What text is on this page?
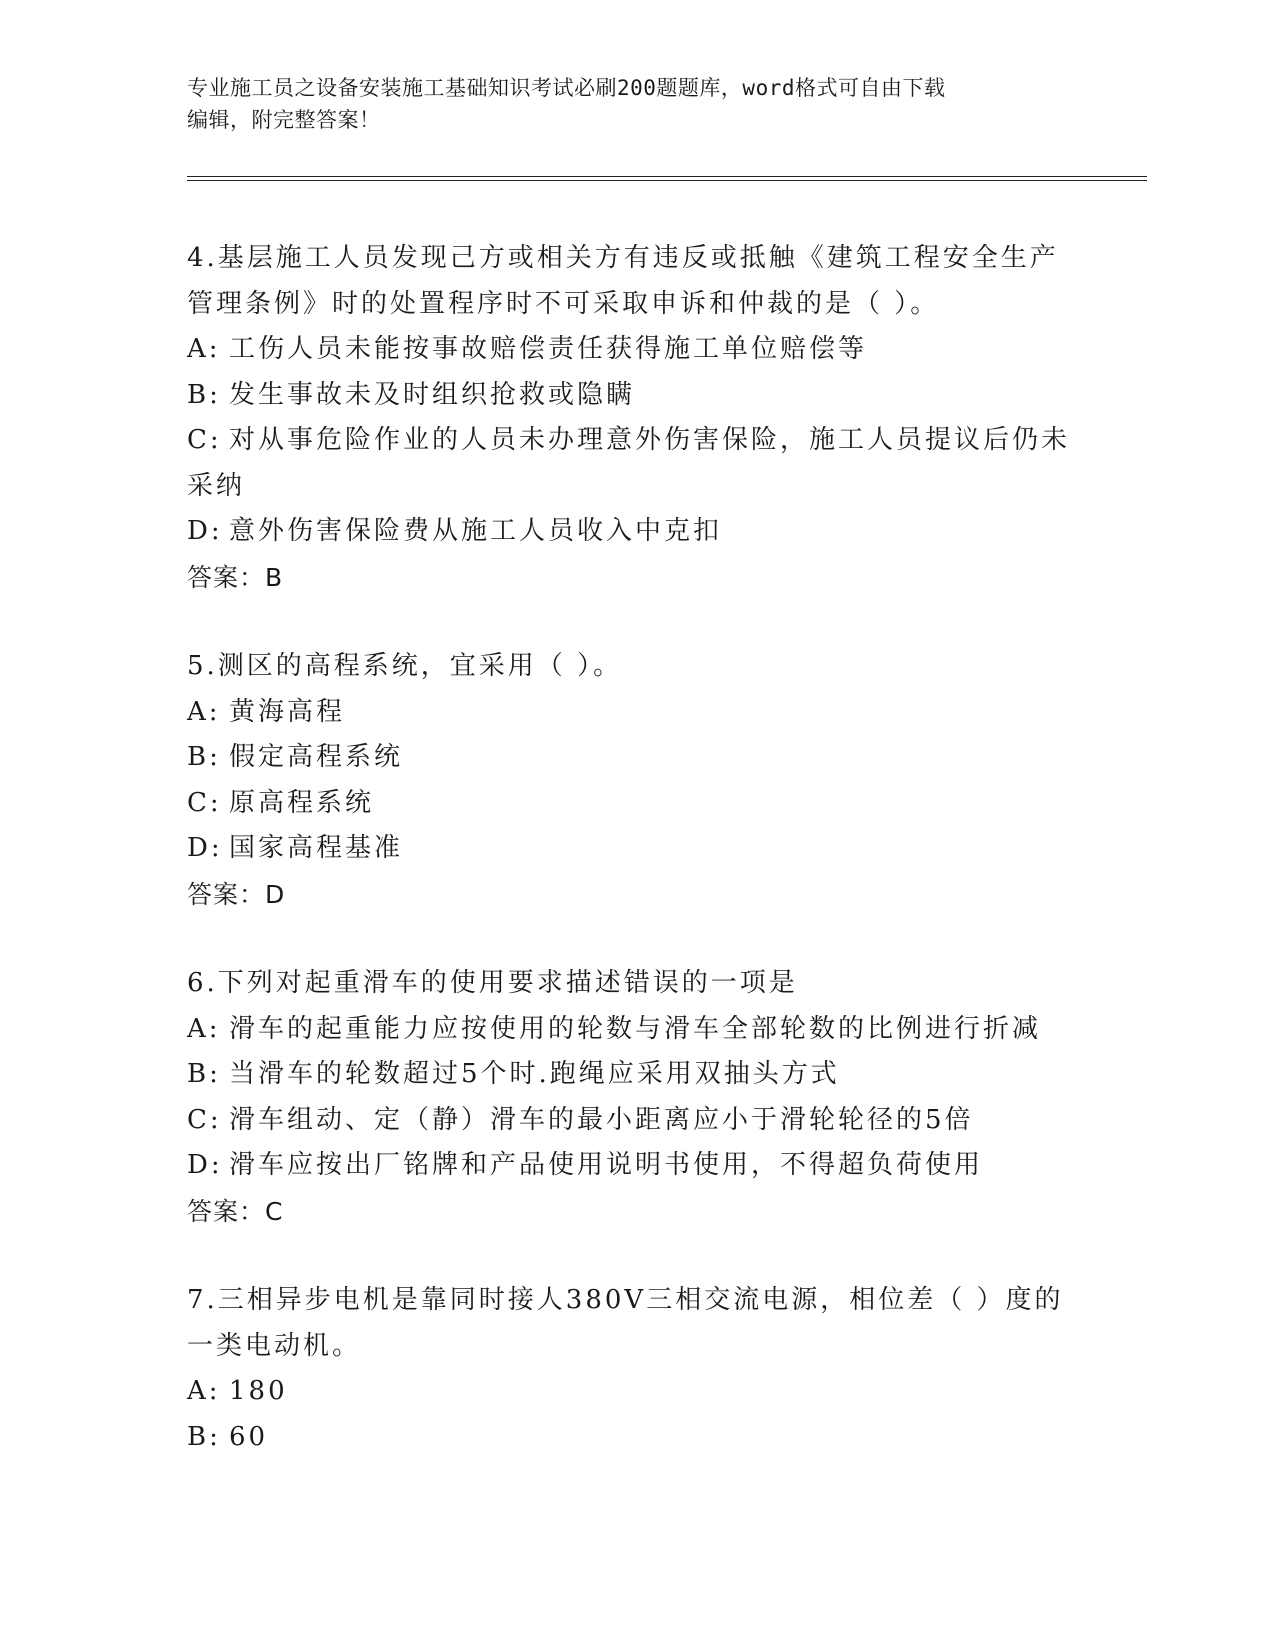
专业施工员之设备安装施工基础知识考试必刷200题题库，word格式可自由下载
编辑，附完整答案！
4.基层施工人员发现己方或相关方有违反或抵触《建筑工程安全生产
管理条例》时的处置程序时不可采取申诉和仲裁的是（ ）。
A: 工伤人员未能按事故赔偿责任获得施工单位赔偿等
B: 发生事故未及时组织抢救或隐瞒
C: 对从事危险作业的人员未办理意外伤害保险，施工人员提议后仍未
采纳
D: 意外伤害保险费从施工人员收入中克扣
答案：B
5.测区的高程系统，宜采用（ ）。
A: 黄海高程
B: 假定高程系统
C: 原高程系统
D: 国家高程基准
答案：D
6.下列对起重滑车的使用要求描述错误的一项是
A: 滑车的起重能力应按使用的轮数与滑车全部轮数的比例进行折减
B: 当滑车的轮数超过5个时.跑绳应采用双抽头方式
C: 滑车组动、定（静）滑车的最小距离应小于滑轮轮径的5倍
D: 滑车应按出厂铭牌和产品使用说明书使用，不得超负荷使用
答案：C
7.三相异步电机是靠同时接人380V三相交流电源，相位差（ ）度的
一类电动机。
A: 180
B: 60
